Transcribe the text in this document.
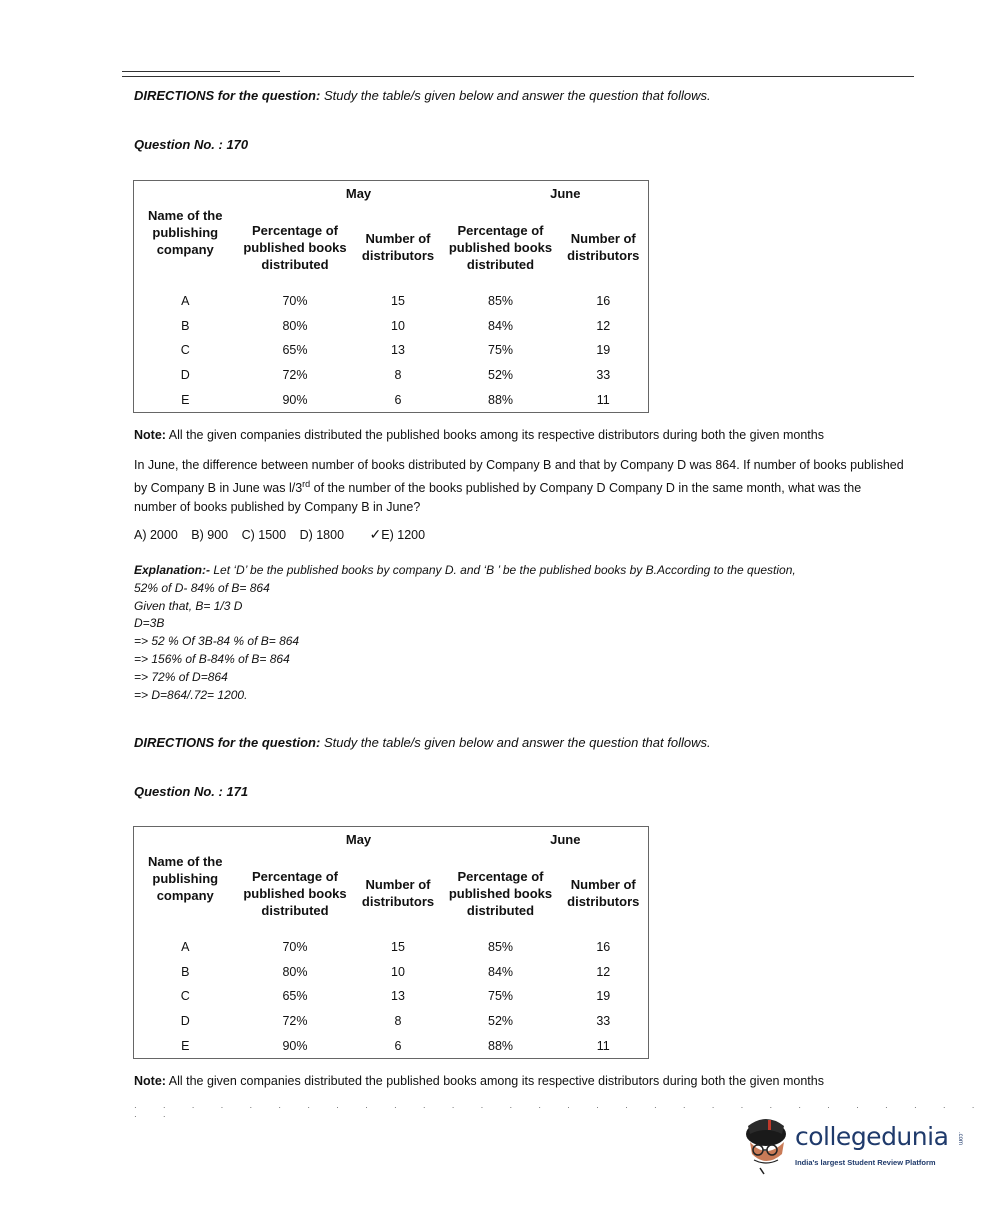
DIRECTIONS for the question: Study the table/s given below and answer the question that follows.
Question No. : 170
	May		June	
Name of the publishing company	Percentage of published books distributed	Number of distributors	Percentage of published books distributed	Number of distributors
A	70%	15	85%	16
B	80%	10	84%	12
C	65%	13	75%	19
D	72%	8	52%	33
E	90%	6	88%	11
Note: All the given companies distributed the published books among its respective distributors during both the given months
In June, the difference between number of books distributed by Company B and that by Company D was 864. If number of books published by Company B in June was l/3rd of the number of the books published by Company D Company D in the same month, what was the number of books published by Company B in June?
A) 2000 B) 900 C) 1500 D) 1800 ✓E) 1200
Explanation:- Let ‘D’ be the published books by company D. and ‘B ’ be the published books by B.According to the question,
52% of D- 84% of B= 864
Given that, B= 1/3 D
D=3B
=> 52 % Of 3B-84 % of B= 864
=> 156% of B-84% of B= 864
=> 72% of D=864
=> D=864/.72= 1200.
DIRECTIONS for the question: Study the table/s given below and answer the question that follows.
Question No. : 171
	May		June	
Name of the publishing company	Percentage of published books distributed	Number of distributors	Percentage of published books distributed	Number of distributors
A	70%	15	85%	16
B	80%	10	84%	12
C	65%	13	75%	19
D	72%	8	52%	33
E	90%	6	88%	11
Note: All the given companies distributed the published books among its respective distributors during both the given months
· · · · · · · · · · · · · · · · · · · · · · · · · · · · · · · ·
collegedunia .com
India's largest Student Review Platform
